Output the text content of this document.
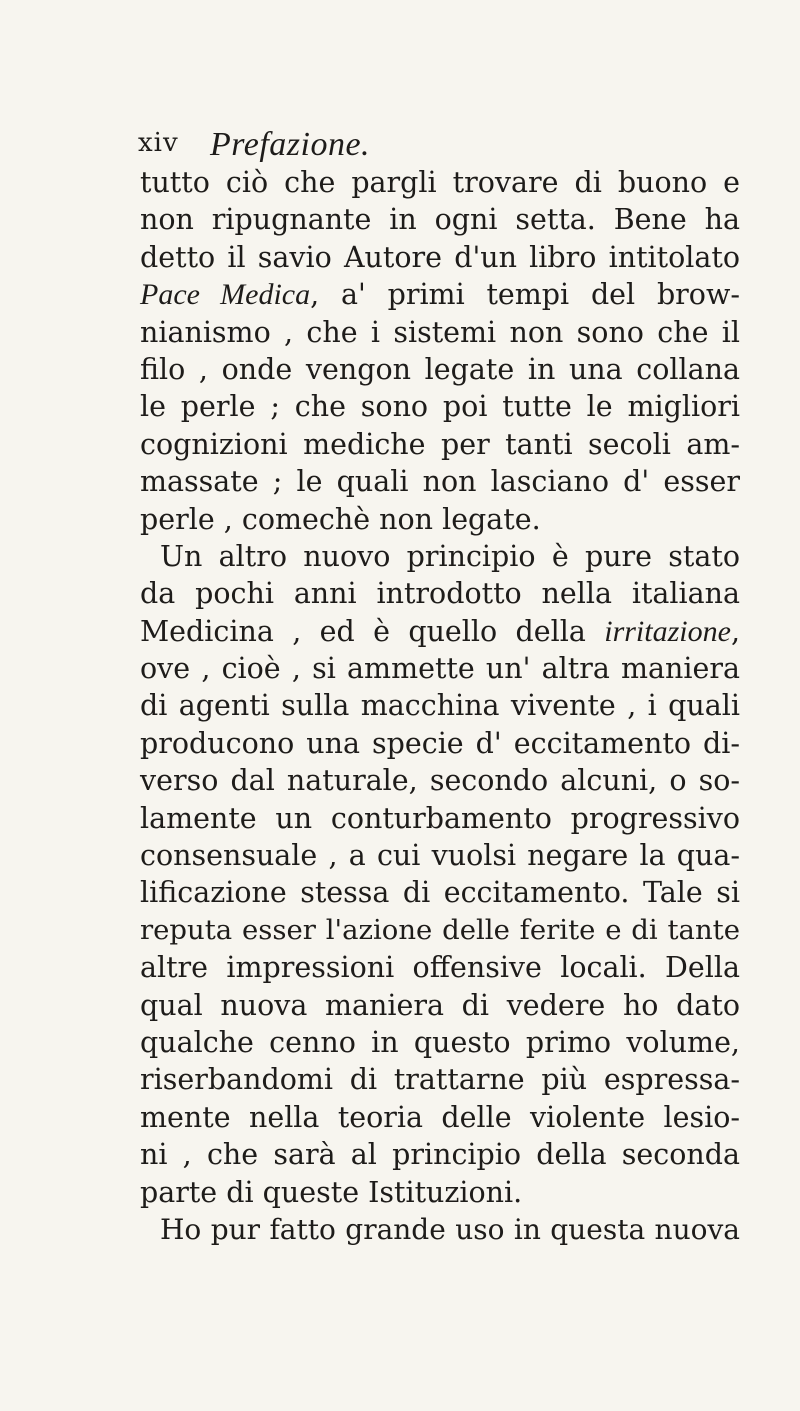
xiv Prefazione.
tutto ciò che pargli trovare di buono e
non ripugnante in ogni setta. Bene ha
detto il savio Autore d'un libro intitolato
Pace Medica, a' primi tempi del brow-
nianismo , che i sistemi non sono che il
filo , onde vengon legate in una collana
le perle ; che sono poi tutte le migliori
cognizioni mediche per tanti secoli am-
massate ; le quali non lasciano d' esser
perle , comechè non legate.
Un altro nuovo principio è pure stato
da pochi anni introdotto nella italiana
Medicina , ed è quello della irritazione,
ove , cioè , si ammette un' altra maniera
di agenti sulla macchina vivente , i quali
producono una specie d' eccitamento di-
verso dal naturale, secondo alcuni, o so-
lamente un conturbamento progressivo
consensuale , a cui vuolsi negare la qua-
lificazione stessa di eccitamento. Tale si
reputa esser l'azione delle ferite e di tante
altre impressioni offensive locali. Della
qual nuova maniera di vedere ho dato
qualche cenno in questo primo volume,
riserbandomi di trattarne più espressa-
mente nella teoria delle violente lesio-
ni , che sarà al principio della seconda
parte di queste Istituzioni.
Ho pur fatto grande uso in questa nuova
